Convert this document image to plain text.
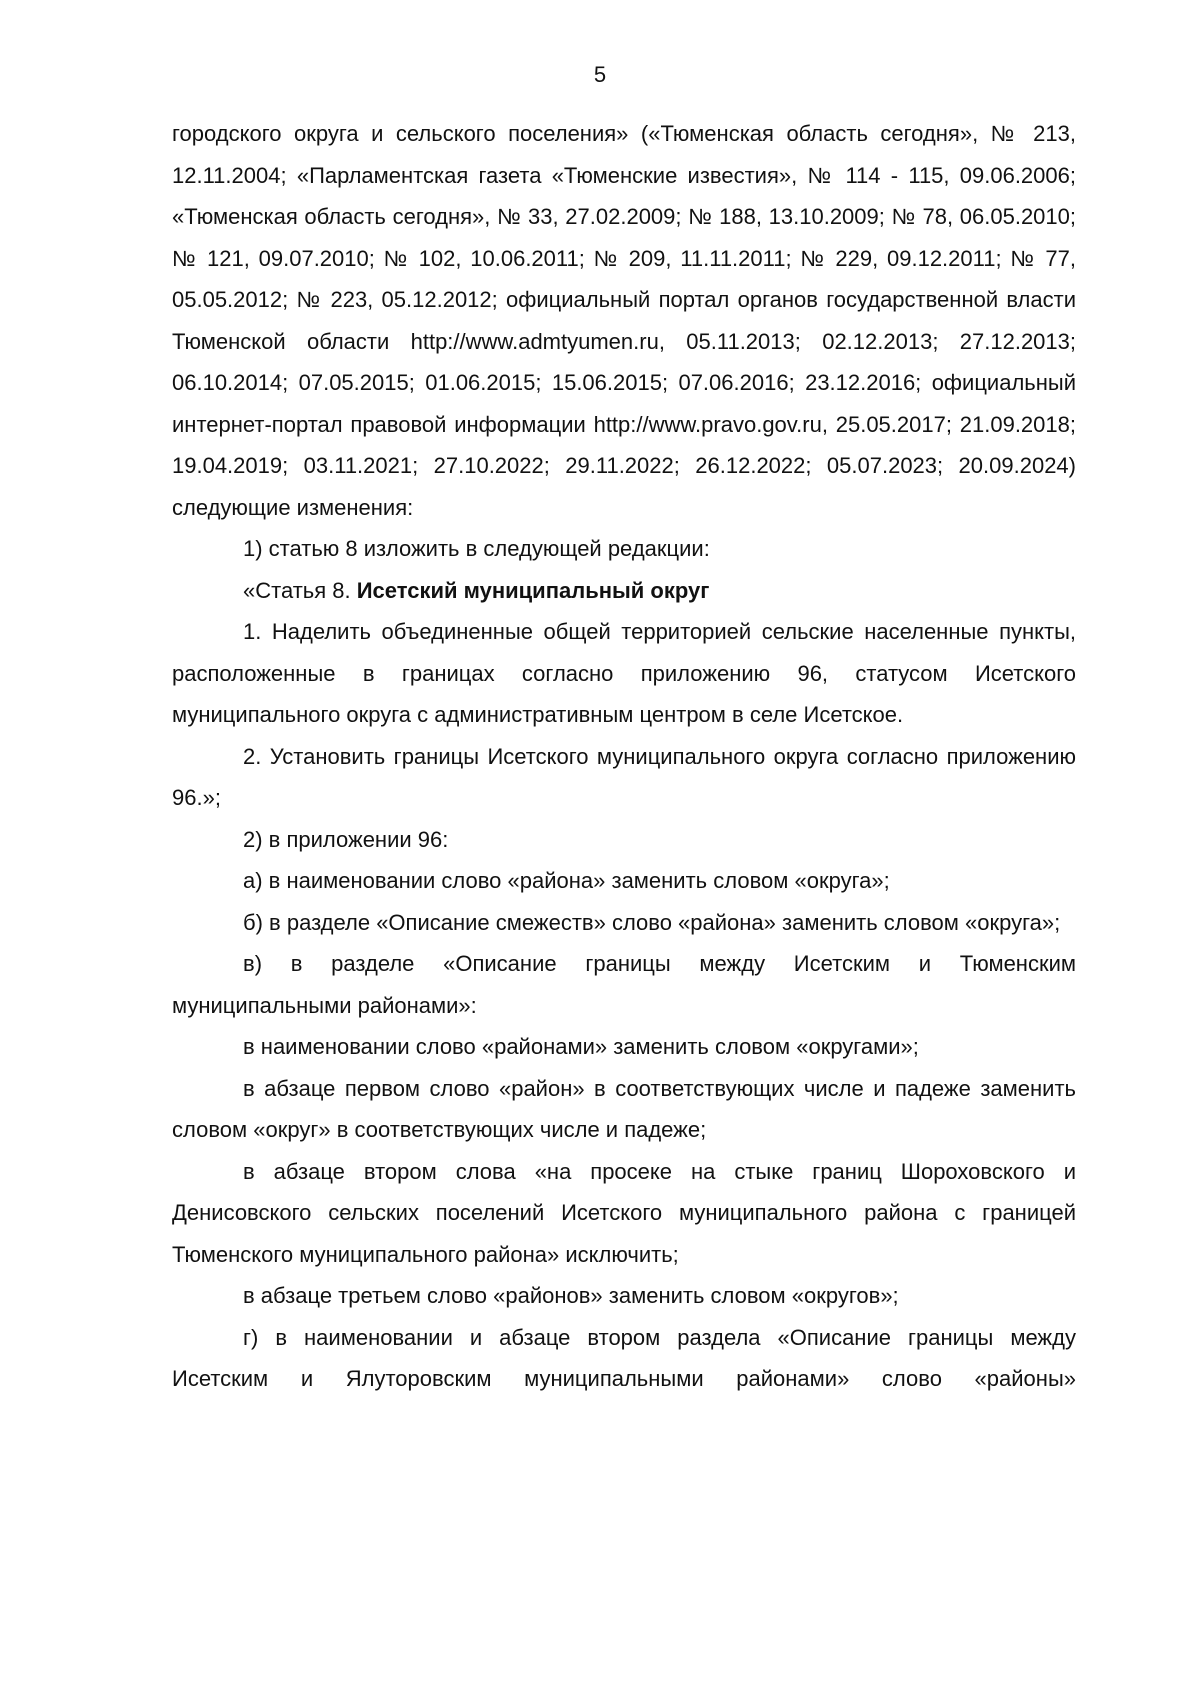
5

городского округа и сельского поселения» («Тюменская область сегодня», № 213, 12.11.2004; «Парламентская газета «Тюменские известия», № 114 - 115, 09.06.2006; «Тюменская область сегодня», № 33, 27.02.2009; № 188, 13.10.2009; № 78, 06.05.2010; № 121, 09.07.2010; № 102, 10.06.2011; № 209, 11.11.2011; № 229, 09.12.2011; № 77, 05.05.2012; № 223, 05.12.2012; официальный портал органов государственной власти Тюменской области http://www.admtyumen.ru, 05.11.2013; 02.12.2013; 27.12.2013; 06.10.2014; 07.05.2015; 01.06.2015; 15.06.2015; 07.06.2016; 23.12.2016; официальный интернет-портал правовой информации http://www.pravo.gov.ru, 25.05.2017; 21.09.2018; 19.04.2019; 03.11.2021; 27.10.2022; 29.11.2022; 26.12.2022; 05.07.2023; 20.09.2024) следующие изменения:

1) статью 8 изложить в следующей редакции:

«Статья 8. Исетский муниципальный округ

1. Наделить объединенные общей территорией сельские населенные пункты, расположенные в границах согласно приложению 96, статусом Исетского муниципального округа с административным центром в селе Исетское.

2. Установить границы Исетского муниципального округа согласно приложению 96.»;

2) в приложении 96:

а) в наименовании слово «района» заменить словом «округа»;

б) в разделе «Описание смежеств» слово «района» заменить словом «округа»;

в) в разделе «Описание границы между Исетским и Тюменским муниципальными районами»:

в наименовании слово «районами» заменить словом «округами»;

в абзаце первом слово «район» в соответствующих числе и падеже заменить словом «округ» в соответствующих числе и падеже;

в абзаце втором слова «на просеке на стыке границ Шороховского и Денисовского сельских поселений Исетского муниципального района с границей Тюменского муниципального района» исключить;

в абзаце третьем слово «районов» заменить словом «округов»;

г) в наименовании и абзаце втором раздела «Описание границы между Исетским и Ялуторовским муниципальными районами» слово «районы»
